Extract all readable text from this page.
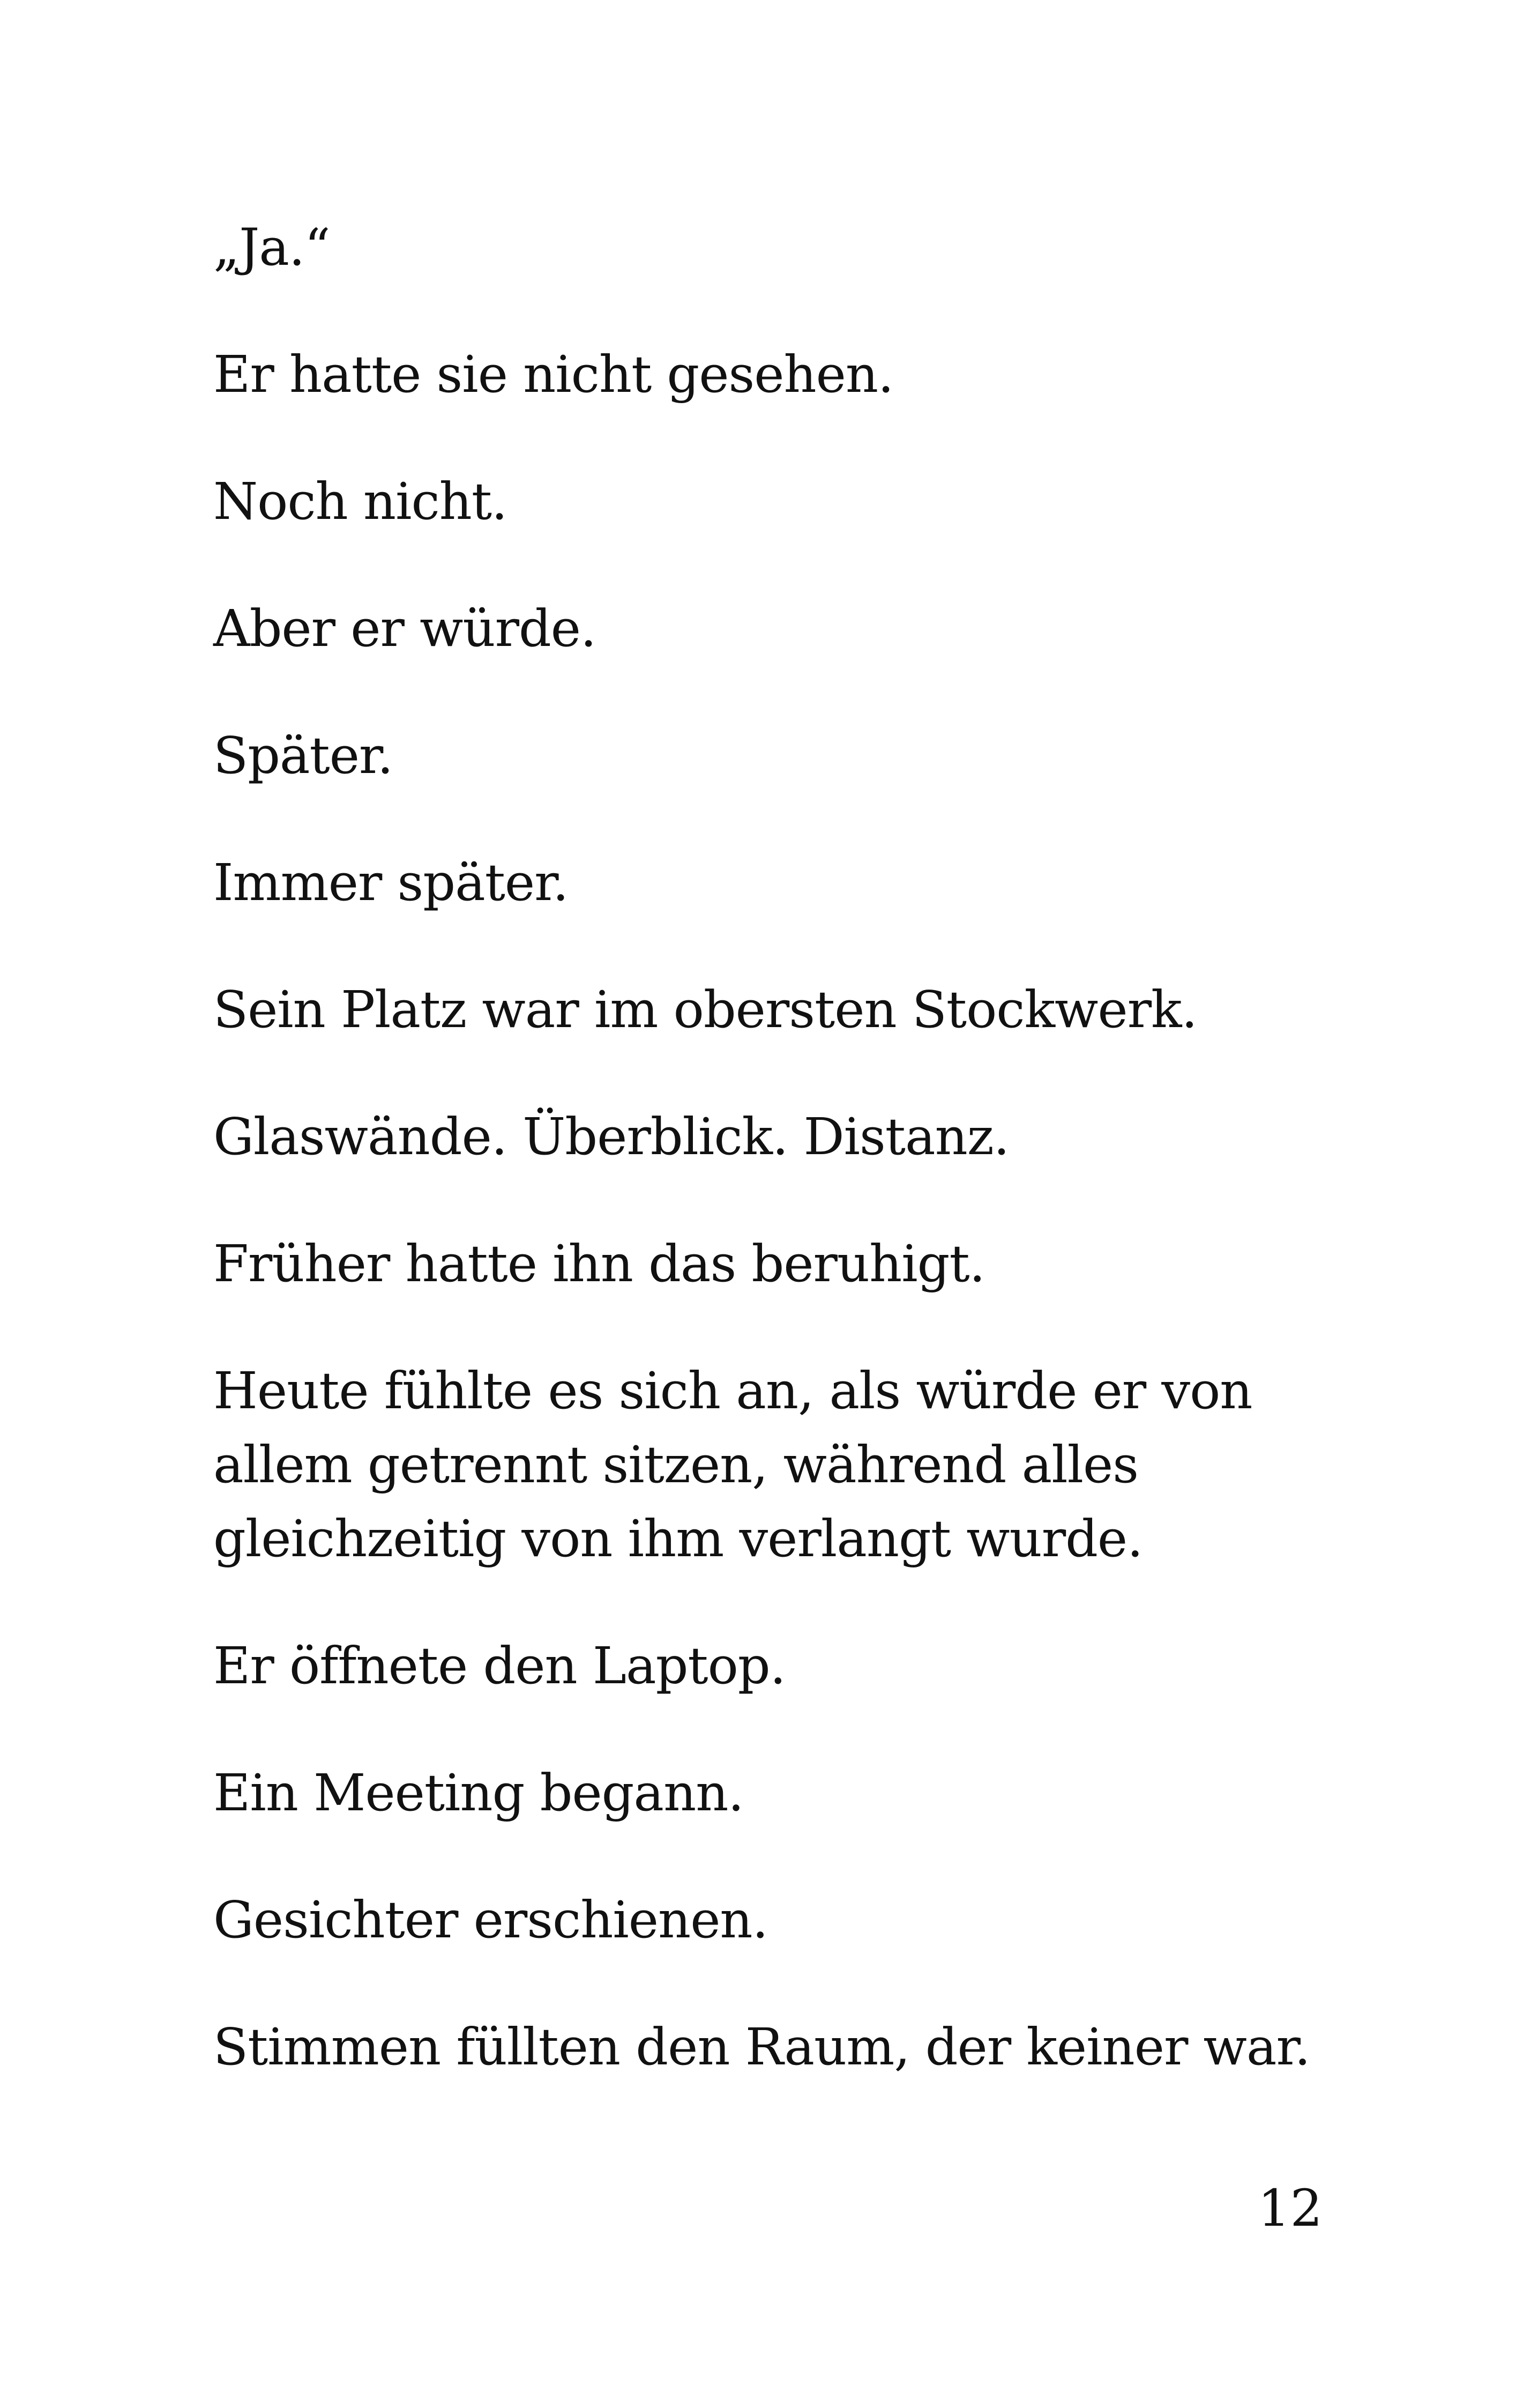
„Ja.“

Er hatte sie nicht gesehen.

Noch nicht.

Aber er würde.

Später.

Immer später.

Sein Platz war im obersten Stockwerk.

Glaswände. Überblick. Distanz.

Früher hatte ihn das beruhigt.

Heute fühlte es sich an, als würde er von allem getrennt sitzen, während alles gleichzeitig von ihm verlangt wurde.

Er öffnete den Laptop.

Ein Meeting begann.

Gesichter erschienen.

Stimmen füllten den Raum, der keiner war.

12
